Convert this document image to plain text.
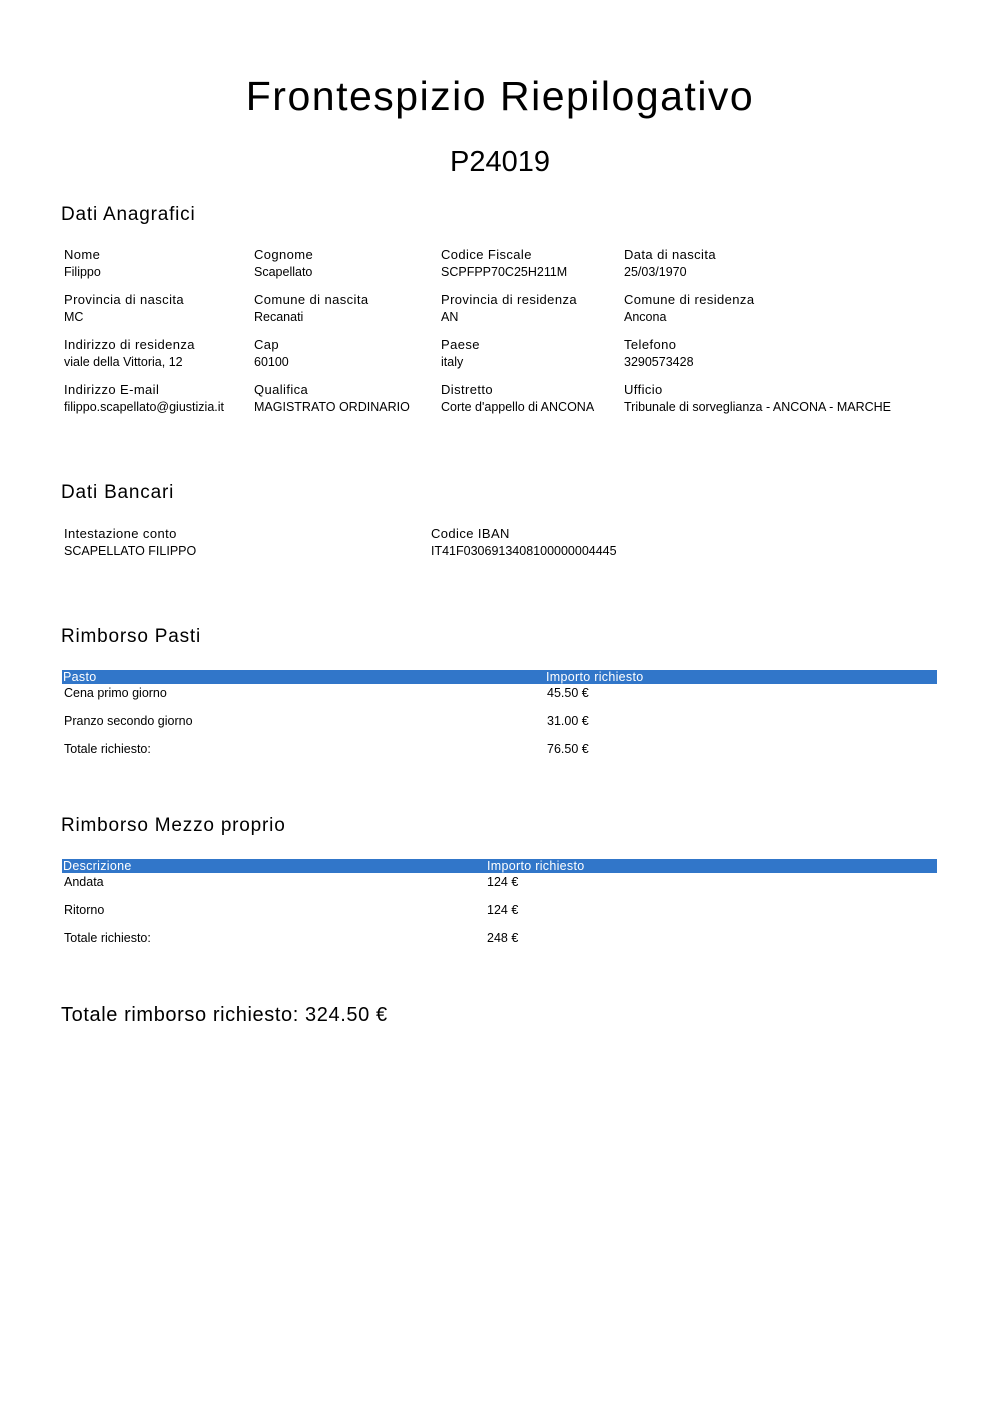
Frontespizio Riepilogativo
P24019
Dati Anagrafici
Nome
Filippo
Cognome
Scapellato
Codice Fiscale
SCPFPP70C25H211M
Data di nascita
25/03/1970
Provincia di nascita
MC
Comune di nascita
Recanati
Provincia di residenza
AN
Comune di residenza
Ancona
Indirizzo di residenza
viale della Vittoria, 12
Cap
60100
Paese
italy
Telefono
3290573428
Indirizzo E-mail
filippo.scapellato@giustizia.it
Qualifica
MAGISTRATO ORDINARIO
Distretto
Corte d'appello di ANCONA
Ufficio
Tribunale di sorveglianza - ANCONA - MARCHE
Dati Bancari
Intestazione conto
SCAPELLATO FILIPPO
Codice IBAN
IT41F0306913408100000004445
Rimborso Pasti
Pasto	Importo richiesto
Cena primo giorno	45.50 €
Pranzo secondo giorno	31.00 €
Totale richiesto:	76.50 €
Rimborso Mezzo proprio
Descrizione	Importo richiesto
Andata	124 €
Ritorno	124 €
Totale richiesto:	248 €
Totale rimborso richiesto: 324.50 €
